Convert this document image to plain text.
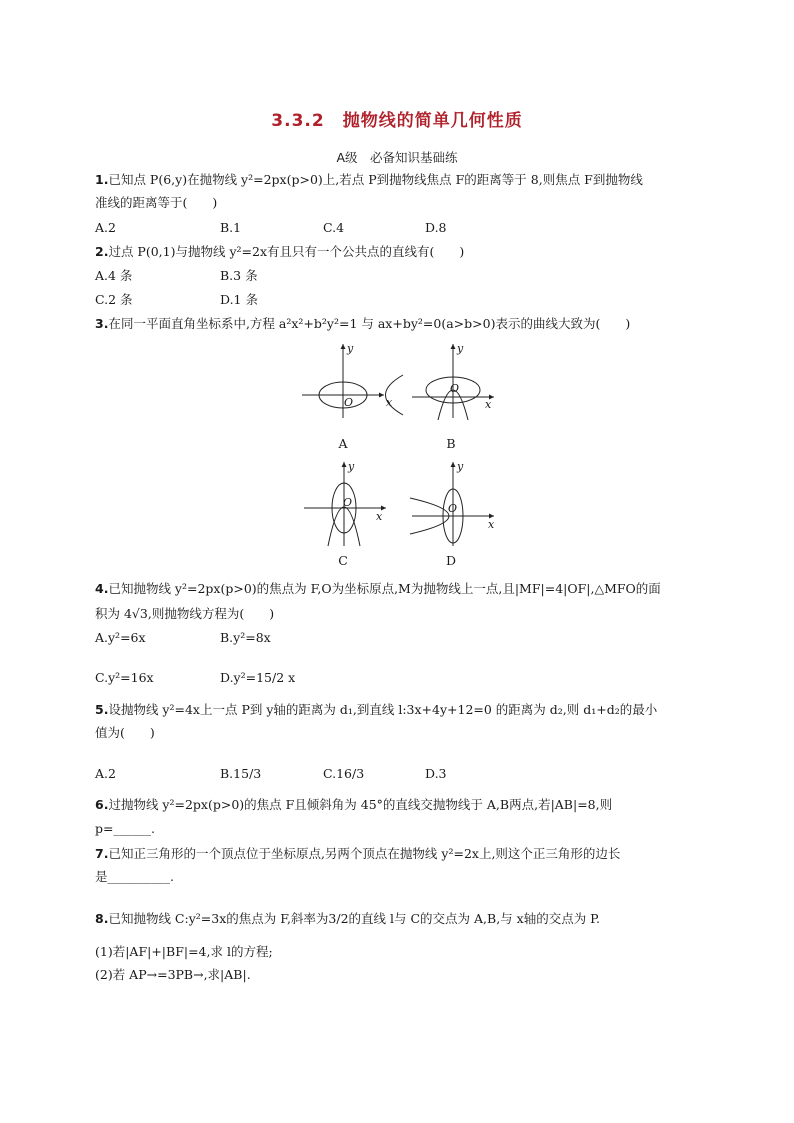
3.3.2　抛物线的简单几何性质
A级　必备知识基础练
1.已知点 P(6,y)在抛物线 y²=2px(p>0)上,若点 P到抛物线焦点 F的距离等于 8,则焦点 F到抛物线
准线的距离等于(　　)
A.2	B.1	C.4	D.8
2.过点 P(0,1)与抛物线 y²=2x有且只有一个公共点的直线有(　　)
A.4 条	B.3 条
C.2 条	D.1 条
3.在同一平面直角坐标系中,方程 a²x²+b²y²=1 与 ax+by²=0(a>b>0)表示的曲线大致为(　　)
x
y
O
A
x
y
O
B
x
y
O
C
x
y
O
D
4.已知抛物线 y²=2px(p>0)的焦点为 F,O为坐标原点,M为抛物线上一点,且|MF|=4|OF|,△MFO的面
积为 4√3,则抛物线方程为(　　)
A.y²=6x	B.y²=8x
C.y²=16x	D.y²=15/2 x
5.设抛物线 y²=4x上一点 P到 y轴的距离为 d₁,到直线 l:3x+4y+12=0 的距离为 d₂,则 d₁+d₂的最小
值为(　　)
A.2	B.15/3	C.16/3	D.3
6.过抛物线 y²=2px(p>0)的焦点 F且倾斜角为 45°的直线交抛物线于 A,B两点,若|AB|=8,则
p=______.
7.已知正三角形的一个顶点位于坐标原点,另两个顶点在抛物线 y²=2x上,则这个正三角形的边长
是__________.
8.已知抛物线 C:y²=3x的焦点为 F,斜率为3/2的直线 l与 C的交点为 A,B,与 x轴的交点为 P.
(1)若|AF|+|BF|=4,求 l的方程;
(2)若 AP→=3PB→,求|AB|.
